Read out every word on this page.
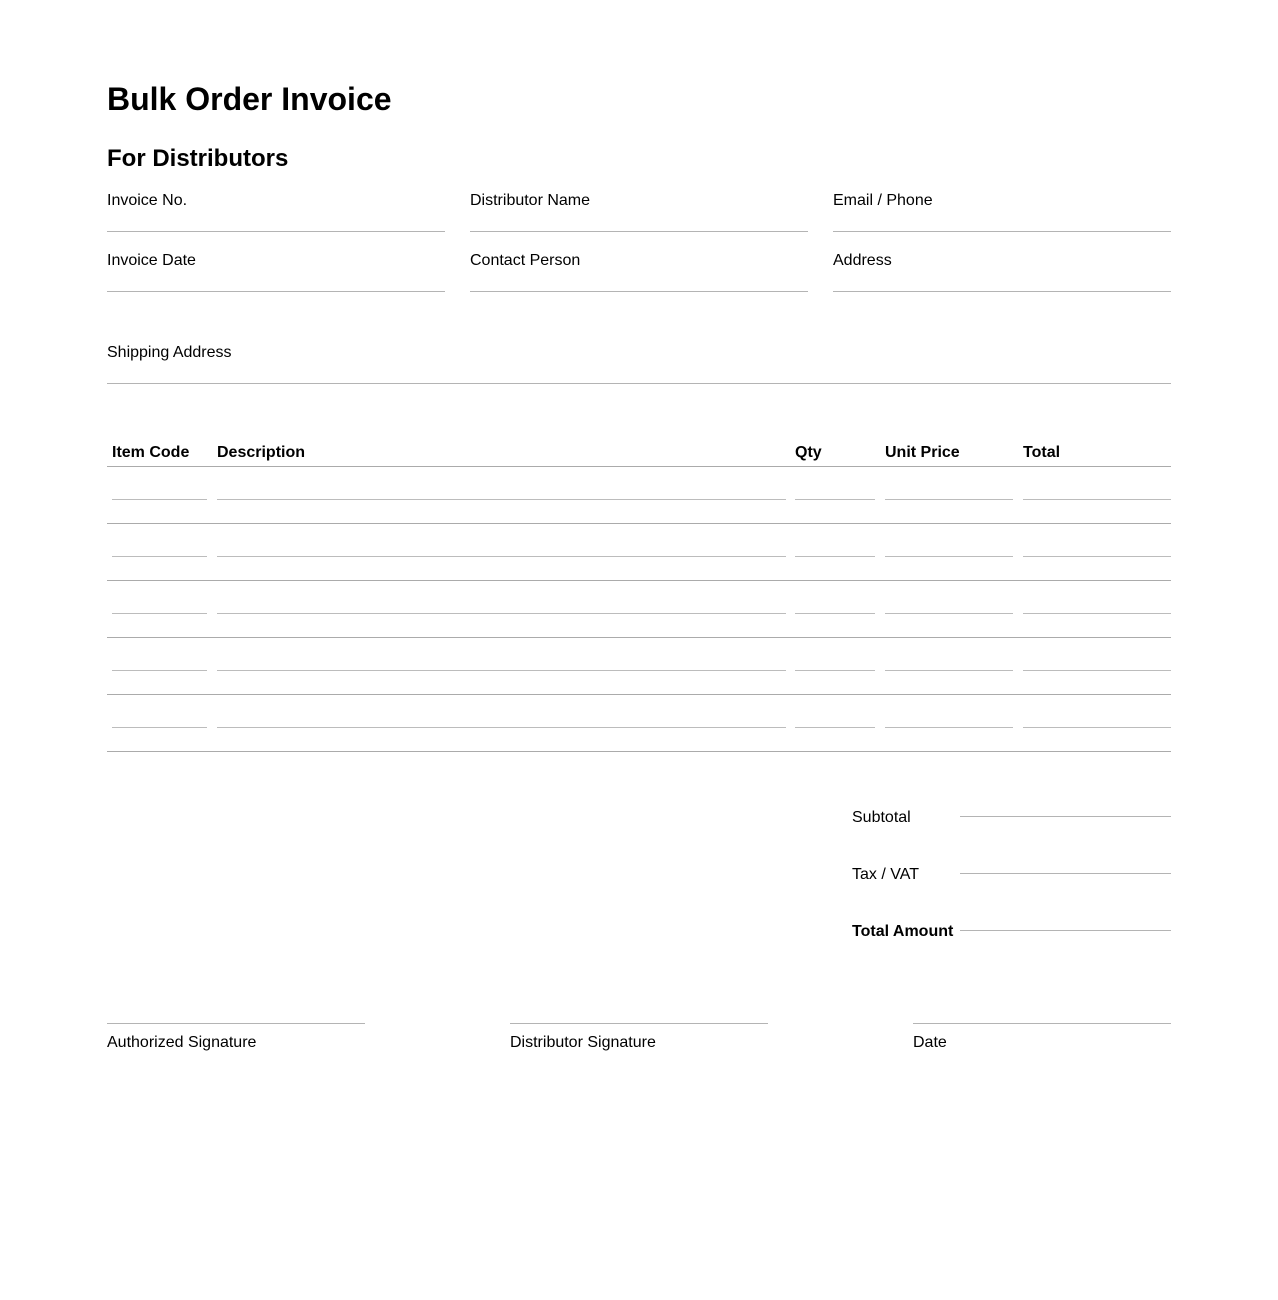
Bulk Order Invoice
For Distributors
Invoice No.	Distributor Name	Email / Phone
Invoice Date	Contact Person	Address
Shipping Address
Item Code	Description	Qty	Unit Price	Total
Subtotal
Tax / VAT
Total Amount
Authorized Signature	Distributor Signature	Date
